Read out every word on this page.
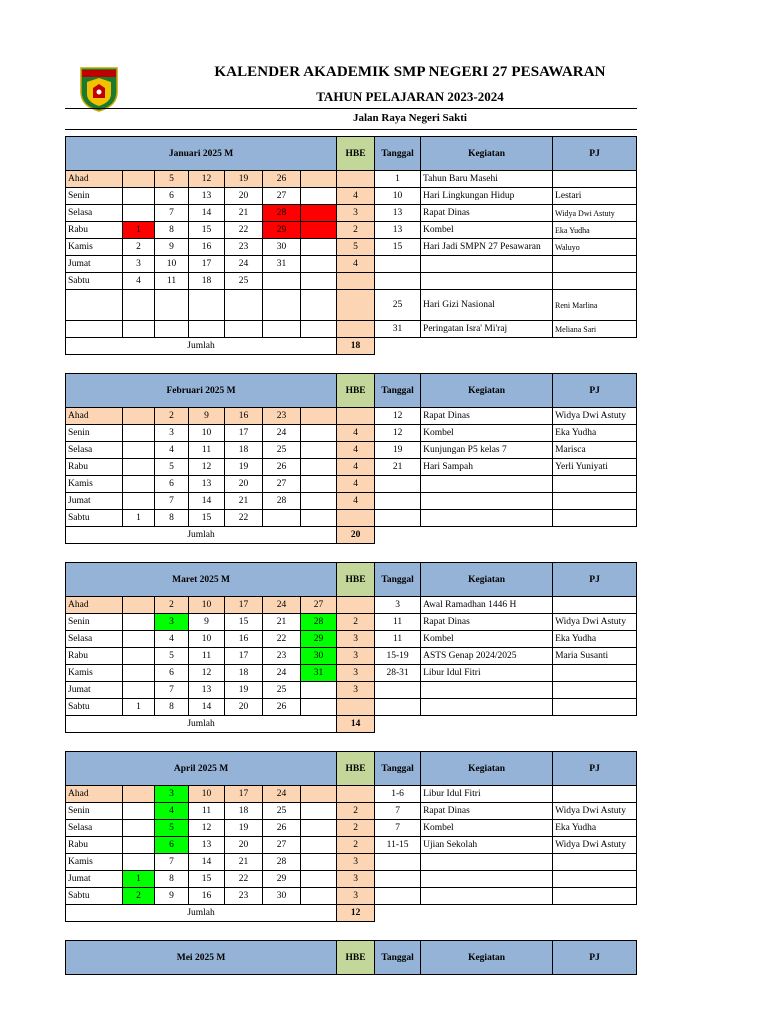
KALENDER AKADEMIK SMP NEGERI 27 PESAWARAN
TAHUN PELAJARAN 2023-2024
Jalan Raya Negeri Sakti
Januari 2025 M							HBE	Tanggal	Kegiatan	PJ
Ahad		5	12	19	26			1	Tahun Baru Masehi	
Senin		6	13	20	27		4	10	Hari Lingkungan Hidup	Lestari
Selasa		7	14	21	28		3	13	Rapat Dinas	Widya Dwi Astuty
Rabu	1	8	15	22	29		2	13	Kombel	Eka Yudha
Kamis	2	9	16	23	30		5	15	Hari Jadi SMPN 27 Pesawaran	Waluyo
Jumat	3	10	17	24	31		4			
Sabtu	4	11	18	25						
								25	Hari Gizi Nasional	Reni Marlina
								31	Peringatan Isra' Mi'raj	Meliana Sari
Jumlah							18			
Februari 2025 M							HBE	Tanggal	Kegiatan	PJ
Ahad		2	9	16	23			12	Rapat Dinas	Widya Dwi Astuty
Senin		3	10	17	24		4	12	Kombel	Eka Yudha
Selasa		4	11	18	25		4	19	Kunjungan P5 kelas 7	Marisca
Rabu		5	12	19	26		4	21	Hari Sampah	Yerli Yuniyati
Kamis		6	13	20	27		4			
Jumat		7	14	21	28		4			
Sabtu	1	8	15	22						
Jumlah							20			
Maret 2025 M							HBE	Tanggal	Kegiatan	PJ
Ahad		2	10	17	24	27		3	Awal Ramadhan 1446 H	
Senin		3	9	15	21	28	2	11	Rapat Dinas	Widya Dwi Astuty
Selasa		4	10	16	22	29	3	11	Kombel	Eka Yudha
Rabu		5	11	17	23	30	3	15-19	ASTS Genap 2024/2025	Maria Susanti
Kamis		6	12	18	24	31	3	28-31	Libur Idul Fitri	
Jumat		7	13	19	25		3			
Sabtu	1	8	14	20	26					
Jumlah							14			
April 2025 M							HBE	Tanggal	Kegiatan	PJ
Ahad		3	10	17	24			1-6	Libur Idul Fitri	
Senin		4	11	18	25		2	7	Rapat Dinas	Widya Dwi Astuty
Selasa		5	12	19	26		2	7	Kombel	Eka Yudha
Rabu		6	13	20	27		2	11-15	Ujian Sekolah	Widya Dwi Astuty
Kamis		7	14	21	28		3			
Jumat	1	8	15	22	29		3			
Sabtu	2	9	16	23	30		3			
Jumlah							12			
Mei 2025 M	HBE	Tanggal	Kegiatan	PJ
